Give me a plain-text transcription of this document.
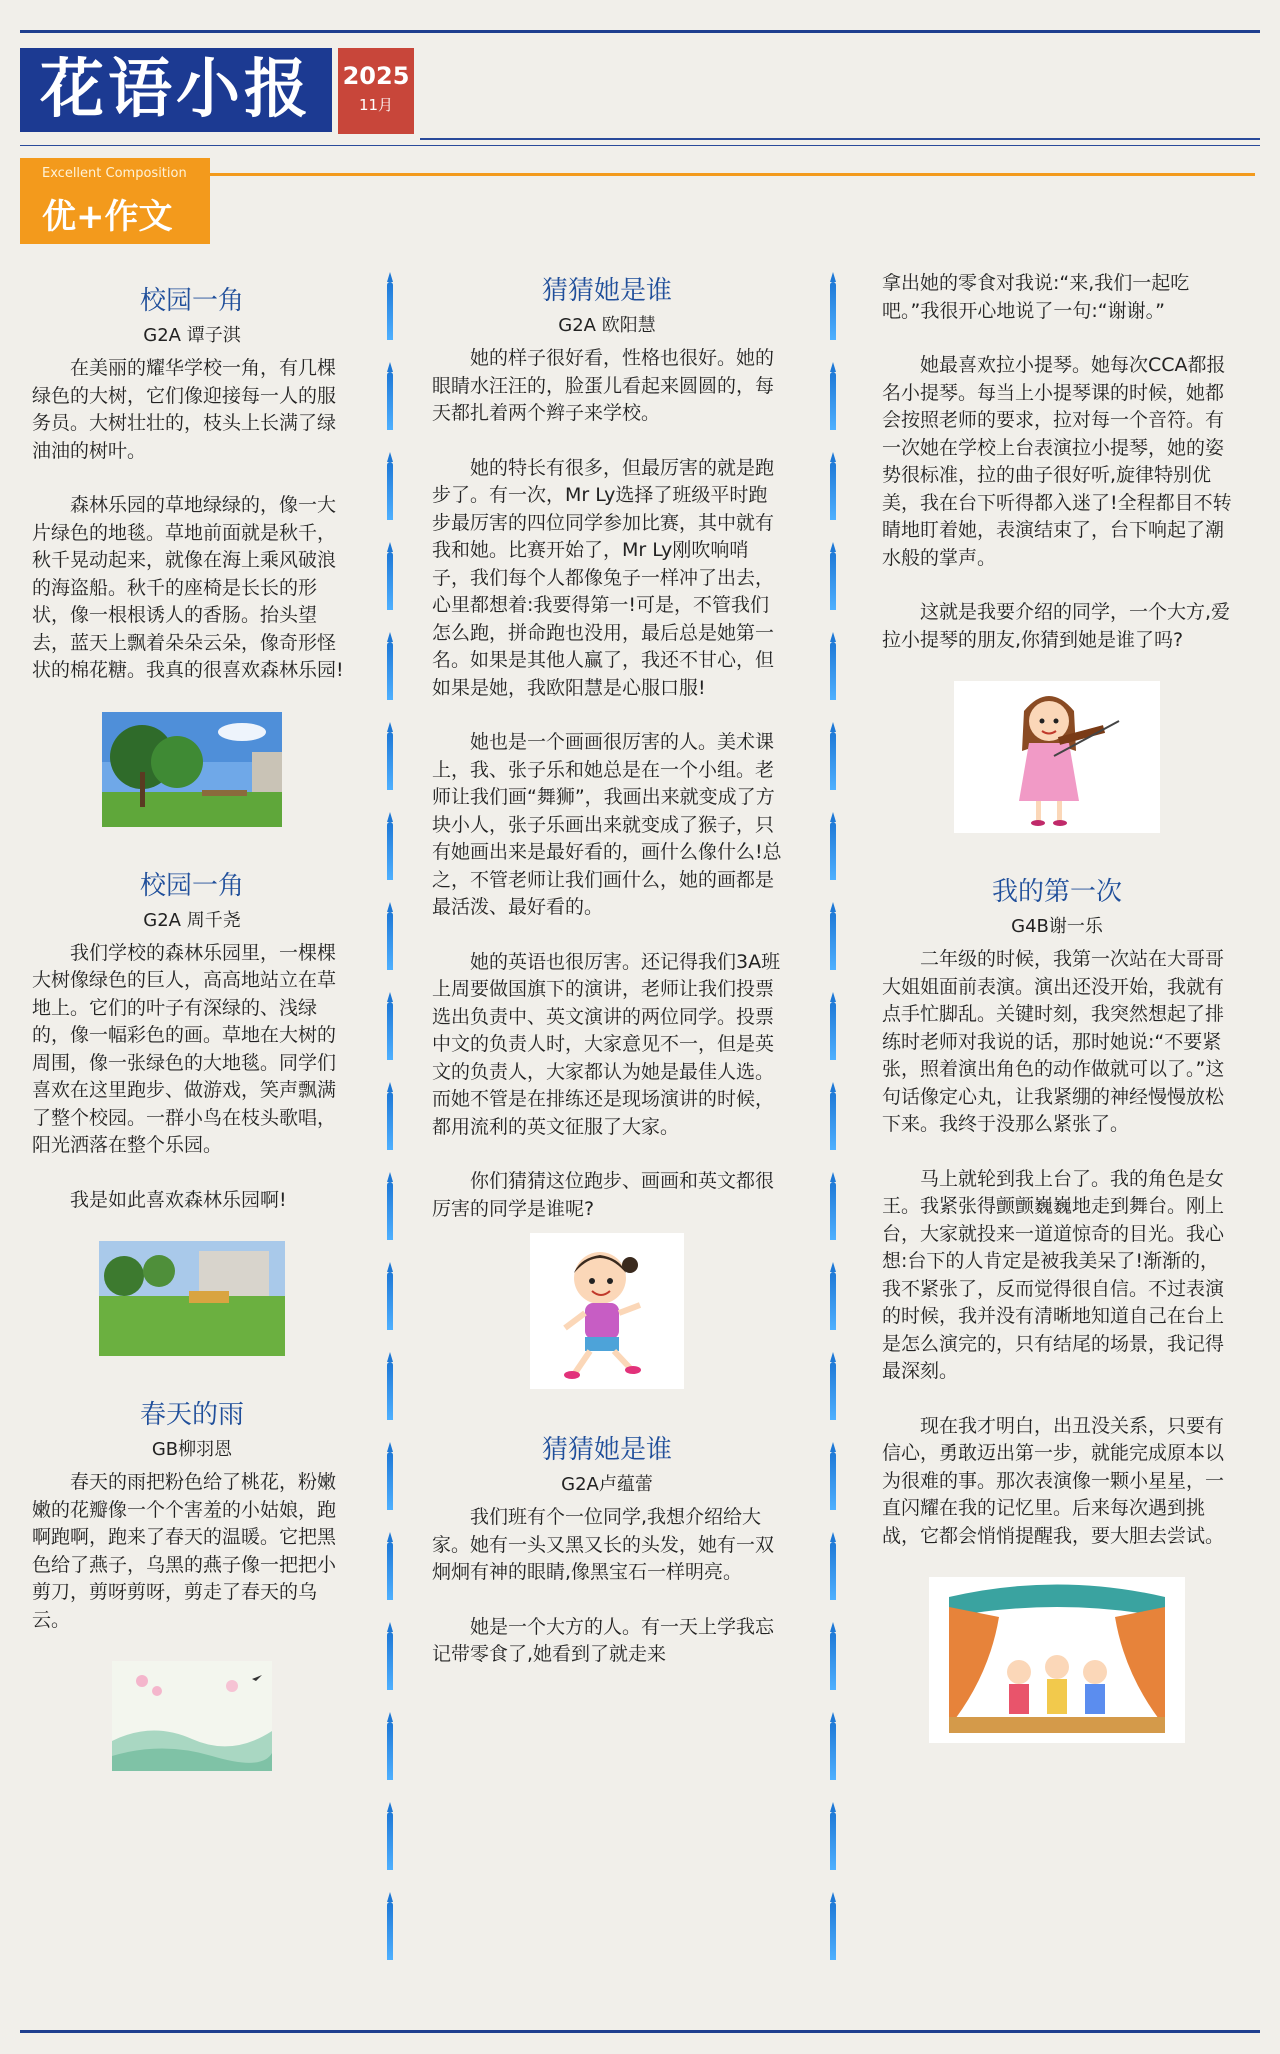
花语小报	2025
11月
Excellent Composition
优+作文
校园一角
G2A 谭子淇

在美丽的耀华学校一角，有几棵绿色的大树，它们像迎接每一人的服务员。大树壮壮的，枝头上长满了绿油油的树叶。

森林乐园的草地绿绿的，像一大片绿色的地毯。草地前面就是秋千，秋千晃动起来，就像在海上乘风破浪的海盗船。秋千的座椅是长长的形状，像一根根诱人的香肠。抬头望去，蓝天上飘着朵朵云朵，像奇形怪状的棉花糖。我真的很喜欢森林乐园!

校园一角
G2A 周千尧

我们学校的森林乐园里，一棵棵大树像绿色的巨人，高高地站立在草地上。它们的叶子有深绿的、浅绿的，像一幅彩色的画。草地在大树的周围，像一张绿色的大地毯。同学们喜欢在这里跑步、做游戏，笑声飘满了整个校园。一群小鸟在枝头歌唱，阳光洒落在整个乐园。

我是如此喜欢森林乐园啊!

春天的雨
GB柳羽恩

春天的雨把粉色给了桃花，粉嫩嫩的花瓣像一个个害羞的小姑娘，跑啊跑啊，跑来了春天的温暖。它把黑色给了燕子，乌黑的燕子像一把把小剪刀，剪呀剪呀，剪走了春天的乌云。

猜猜她是谁
G2A 欧阳慧

她的样子很好看，性格也很好。她的眼睛水汪汪的，脸蛋儿看起来圆圆的，每天都扎着两个辫子来学校。

她的特长有很多，但最厉害的就是跑步了。有一次，Mr Ly选择了班级平时跑步最厉害的四位同学参加比赛，其中就有我和她。比赛开始了，Mr Ly刚吹响哨子，我们每个人都像兔子一样冲了出去，心里都想着:我要得第一!可是，不管我们怎么跑，拼命跑也没用，最后总是她第一名。如果是其他人赢了，我还不甘心，但如果是她，我欧阳慧是心服口服!

她也是一个画画很厉害的人。美术课上，我、张子乐和她总是在一个小组。老师让我们画“舞狮”，我画出来就变成了方块小人，张子乐画出来就变成了猴子，只有她画出来是最好看的，画什么像什么!总之，不管老师让我们画什么，她的画都是最活泼、最好看的。

她的英语也很厉害。还记得我们3A班上周要做国旗下的演讲，老师让我们投票选出负责中、英文演讲的两位同学。投票中文的负责人时，大家意见不一，但是英文的负责人，大家都认为她是最佳人选。而她不管是在排练还是现场演讲的时候，都用流利的英文征服了大家。

你们猜猜这位跑步、画画和英文都很厉害的同学是谁呢?

猜猜她是谁
G2A卢蕴蕾

我们班有个一位同学,我想介绍给大家。她有一头又黑又长的头发，她有一双炯炯有神的眼睛,像黑宝石一样明亮。

她是一个大方的人。有一天上学我忘记带零食了,她看到了就走来

拿出她的零食对我说:“来,我们一起吃吧。”我很开心地说了一句:“谢谢。”

她最喜欢拉小提琴。她每次CCA都报名小提琴。每当上小提琴课的时候，她都会按照老师的要求，拉对每一个音符。有一次她在学校上台表演拉小提琴，她的姿势很标准，拉的曲子很好听,旋律特别优美，我在台下听得都入迷了!全程都目不转睛地盯着她，表演结束了，台下响起了潮水般的掌声。

这就是我要介绍的同学，一个大方,爱拉小提琴的朋友,你猜到她是谁了吗?

我的第一次
G4B谢一乐

二年级的时候，我第一次站在大哥哥大姐姐面前表演。演出还没开始，我就有点手忙脚乱。关键时刻，我突然想起了排练时老师对我说的话，那时她说:“不要紧张，照着演出角色的动作做就可以了。”这句话像定心丸，让我紧绷的神经慢慢放松下来。我终于没那么紧张了。

马上就轮到我上台了。我的角色是女王。我紧张得颤颤巍巍地走到舞台。刚上台，大家就投来一道道惊奇的目光。我心想:台下的人肯定是被我美呆了!渐渐的，我不紧张了，反而觉得很自信。不过表演的时候，我并没有清晰地知道自己在台上是怎么演完的，只有结尾的场景，我记得最深刻。

现在我才明白，出丑没关系，只要有信心，勇敢迈出第一步，就能完成原本以为很难的事。那次表演像一颗小星星，一直闪耀在我的记忆里。后来每次遇到挑战，它都会悄悄提醒我，要大胆去尝试。
